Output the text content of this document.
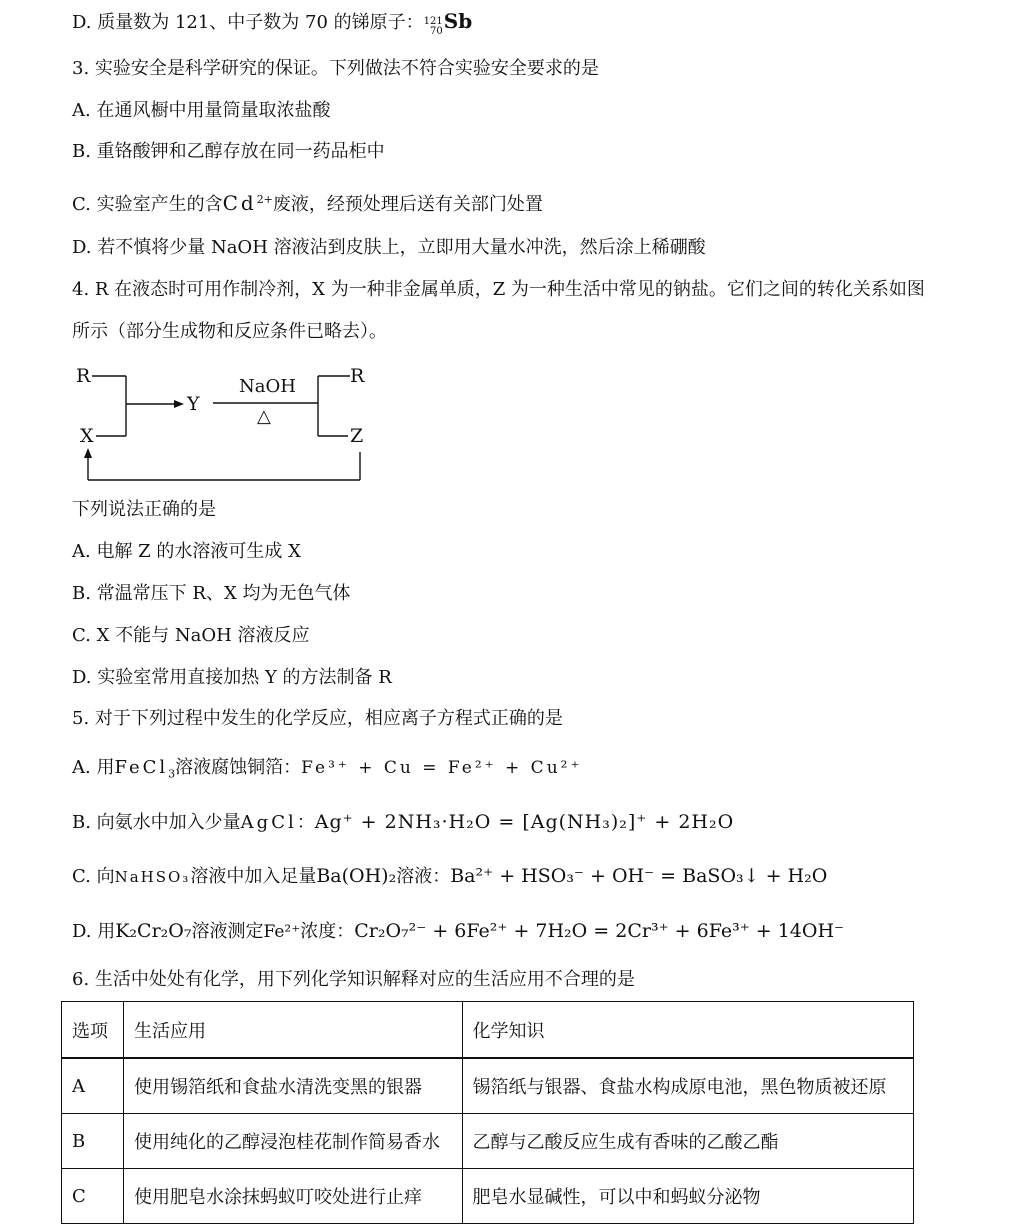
D. 质量数为 121、中子数为 70 的锑原子： 121
70 Sb
3. 实验安全是科学研究的保证。下列做法不符合实验安全要求的是
A. 在通风橱中用量筒量取浓盐酸
B. 重铬酸钾和乙醇存放在同一药品柜中
C. 实验室产生的含$Cd^{2+}$废液，经预处理后送有关部门处置
D. 若不慎将少量 NaOH 溶液沾到皮肤上，立即用大量水冲洗，然后涂上稀硼酸
4. R 在液态时可用作制冷剂，X 为一种非金属单质，Z 为一种生活中常见的钠盐。它们之间的转化关系如图
所示（部分生成物和反应条件已略去）。
R
X
Y
NaOH
△
R
Z
下列说法正确的是
A. 电解 Z 的水溶液可生成 X
B. 常温常压下 R、X 均为无色气体
C. X 不能与 NaOH 溶液反应
D. 实验室常用直接加热 Y 的方法制备 R
5. 对于下列过程中发生的化学反应，相应离子方程式正确的是
A. 用FeCl$_3$溶液腐蚀铜箔：Fe³⁺ + Cu = Fe²⁺ + Cu²⁺
B. 向氨水中加入少量AgCl：Ag⁺ + 2NH₃·H₂O = [Ag(NH₃)₂]⁺ + 2H₂O
C. 向NaHSO₃溶液中加入足量Ba(OH)₂溶液：Ba²⁺ + HSO₃⁻ + OH⁻ = BaSO₃↓ + H₂O
D. 用K₂Cr₂O₇溶液测定Fe²⁺浓度：Cr₂O₇²⁻ + 6Fe²⁺ + 7H₂O = 2Cr³⁺ + 6Fe³⁺ + 14OH⁻
6. 生活中处处有化学，用下列化学知识解释对应的生活应用不合理的是
选项	生活应用	化学知识
A	使用锡箔纸和食盐水清洗变黑的银器	锡箔纸与银器、食盐水构成原电池，黑色物质被还原
B	使用纯化的乙醇浸泡桂花制作简易香水	乙醇与乙酸反应生成有香味的乙酸乙酯
C	使用肥皂水涂抹蚂蚁叮咬处进行止痒	肥皂水显碱性，可以中和蚂蚁分泌物
